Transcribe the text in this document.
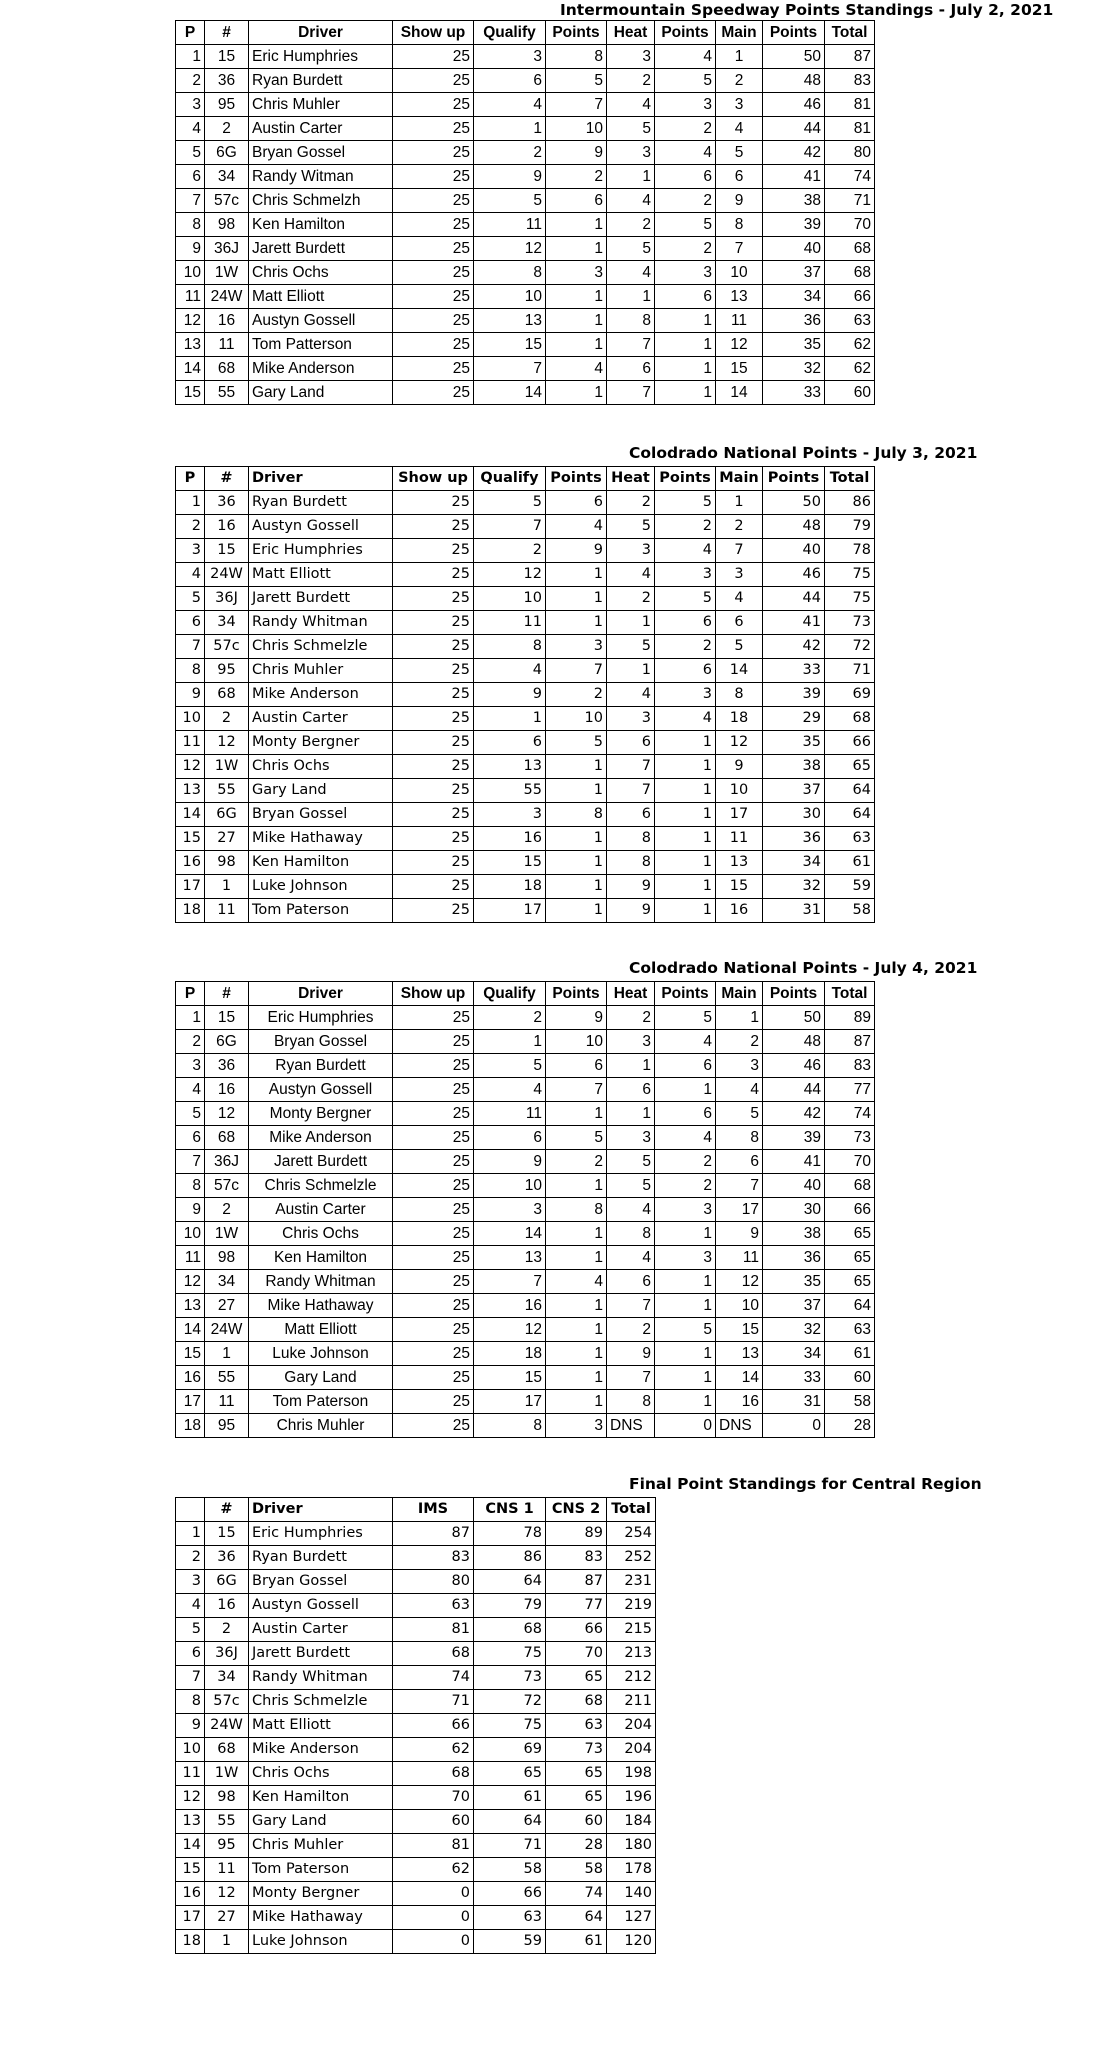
Intermountain Speedway Points Standings - July 2, 2021
P	#	Driver	Show up	Qualify	Points	Heat	Points	Main	Points	Total
1	15	Eric Humphries	25	3	8	3	4	1	50	87
2	36	Ryan Burdett	25	6	5	2	5	2	48	83
3	95	Chris Muhler	25	4	7	4	3	3	46	81
4	2	Austin Carter	25	1	10	5	2	4	44	81
5	6G	Bryan Gossel	25	2	9	3	4	5	42	80
6	34	Randy Witman	25	9	2	1	6	6	41	74
7	57c	Chris Schmelzh	25	5	6	4	2	9	38	71
8	98	Ken Hamilton	25	11	1	2	5	8	39	70
9	36J	Jarett Burdett	25	12	1	5	2	7	40	68
10	1W	Chris Ochs	25	8	3	4	3	10	37	68
11	24W	Matt Elliott	25	10	1	1	6	13	34	66
12	16	Austyn Gossell	25	13	1	8	1	11	36	63
13	11	Tom Patterson	25	15	1	7	1	12	35	62
14	68	Mike Anderson	25	7	4	6	1	15	32	62
15	55	Gary Land	25	14	1	7	1	14	33	60
Colodrado National Points - July 3, 2021
P	#	Driver	Show up	Qualify	Points	Heat	Points	Main	Points	Total
1	36	Ryan Burdett	25	5	6	2	5	1	50	86
2	16	Austyn Gossell	25	7	4	5	2	2	48	79
3	15	Eric Humphries	25	2	9	3	4	7	40	78
4	24W	Matt Elliott	25	12	1	4	3	3	46	75
5	36J	Jarett Burdett	25	10	1	2	5	4	44	75
6	34	Randy Whitman	25	11	1	1	6	6	41	73
7	57c	Chris Schmelzle	25	8	3	5	2	5	42	72
8	95	Chris Muhler	25	4	7	1	6	14	33	71
9	68	Mike Anderson	25	9	2	4	3	8	39	69
10	2	Austin Carter	25	1	10	3	4	18	29	68
11	12	Monty Bergner	25	6	5	6	1	12	35	66
12	1W	Chris Ochs	25	13	1	7	1	9	38	65
13	55	Gary Land	25	55	1	7	1	10	37	64
14	6G	Bryan Gossel	25	3	8	6	1	17	30	64
15	27	Mike Hathaway	25	16	1	8	1	11	36	63
16	98	Ken Hamilton	25	15	1	8	1	13	34	61
17	1	Luke Johnson	25	18	1	9	1	15	32	59
18	11	Tom Paterson	25	17	1	9	1	16	31	58
Colodrado National Points - July 4, 2021
P	#	Driver	Show up	Qualify	Points	Heat	Points	Main	Points	Total
1	15	Eric Humphries	25	2	9	2	5	1	50	89
2	6G	Bryan Gossel	25	1	10	3	4	2	48	87
3	36	Ryan Burdett	25	5	6	1	6	3	46	83
4	16	Austyn Gossell	25	4	7	6	1	4	44	77
5	12	Monty Bergner	25	11	1	1	6	5	42	74
6	68	Mike Anderson	25	6	5	3	4	8	39	73
7	36J	Jarett Burdett	25	9	2	5	2	6	41	70
8	57c	Chris Schmelzle	25	10	1	5	2	7	40	68
9	2	Austin Carter	25	3	8	4	3	17	30	66
10	1W	Chris Ochs	25	14	1	8	1	9	38	65
11	98	Ken Hamilton	25	13	1	4	3	11	36	65
12	34	Randy Whitman	25	7	4	6	1	12	35	65
13	27	Mike Hathaway	25	16	1	7	1	10	37	64
14	24W	Matt Elliott	25	12	1	2	5	15	32	63
15	1	Luke Johnson	25	18	1	9	1	13	34	61
16	55	Gary Land	25	15	1	7	1	14	33	60
17	11	Tom Paterson	25	17	1	8	1	16	31	58
18	95	Chris Muhler	25	8	3	DNS	0	DNS	0	28
Final Point Standings for Central Region
	#	Driver	IMS	CNS 1	CNS 2	Total
1	15	Eric Humphries	87	78	89	254
2	36	Ryan Burdett	83	86	83	252
3	6G	Bryan Gossel	80	64	87	231
4	16	Austyn Gossell	63	79	77	219
5	2	Austin Carter	81	68	66	215
6	36J	Jarett Burdett	68	75	70	213
7	34	Randy Whitman	74	73	65	212
8	57c	Chris Schmelzle	71	72	68	211
9	24W	Matt Elliott	66	75	63	204
10	68	Mike Anderson	62	69	73	204
11	1W	Chris Ochs	68	65	65	198
12	98	Ken Hamilton	70	61	65	196
13	55	Gary Land	60	64	60	184
14	95	Chris Muhler	81	71	28	180
15	11	Tom Paterson	62	58	58	178
16	12	Monty Bergner	0	66	74	140
17	27	Mike Hathaway	0	63	64	127
18	1	Luke Johnson	0	59	61	120
